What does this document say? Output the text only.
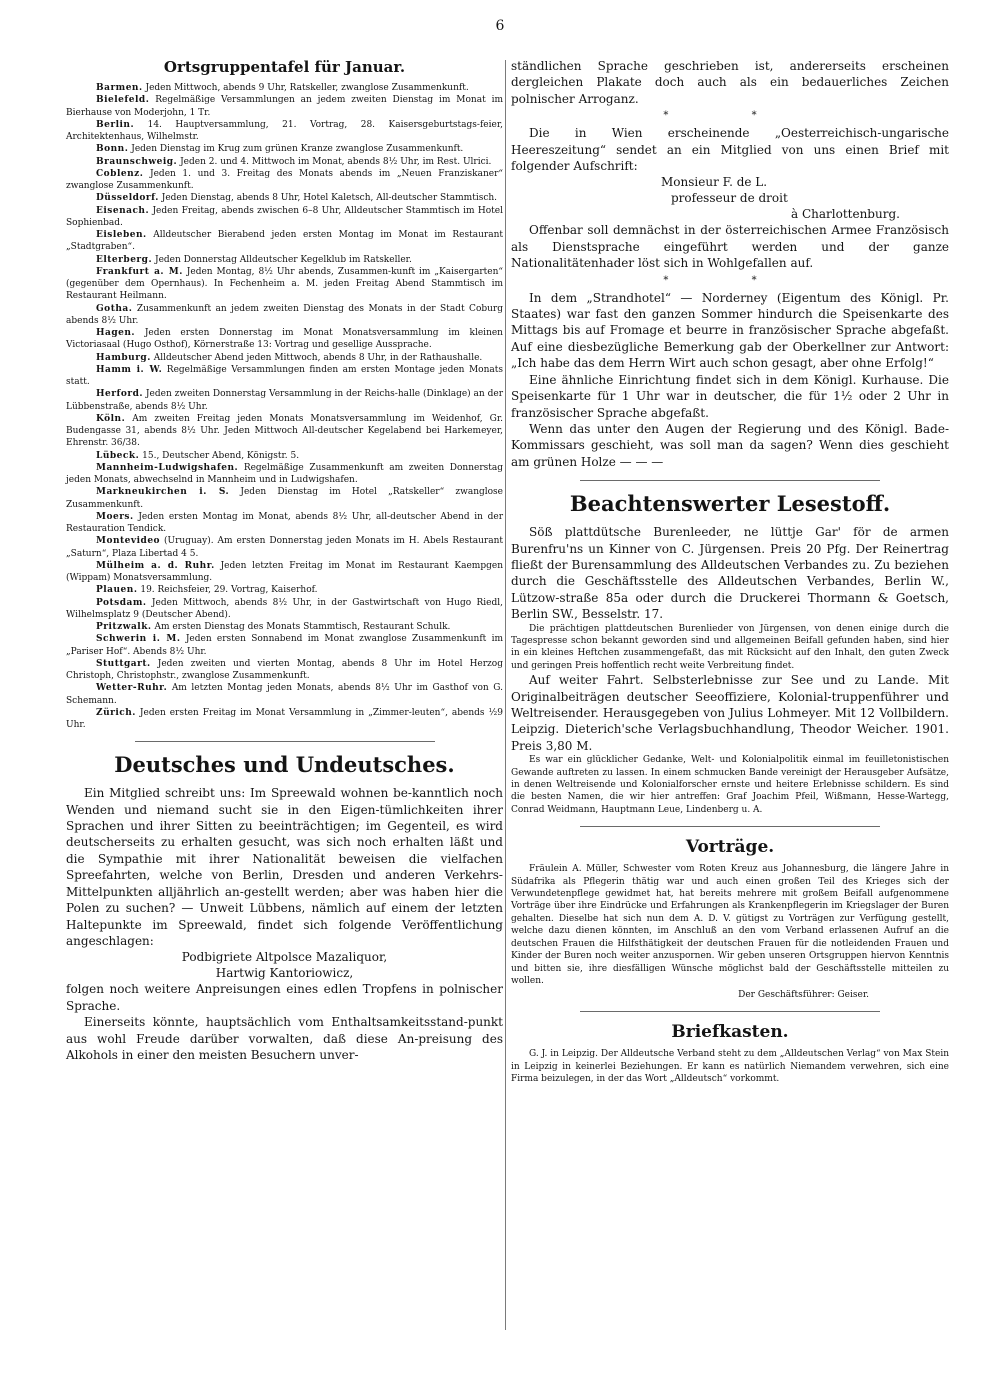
6
Ortsgruppentafel für Januar.

Barmen. Jeden Mittwoch, abends 9 Uhr, Ratskeller, zwanglose Zusammenkunft.

Bielefeld. Regelmäßige Versammlungen an jedem zweiten Dienstag im Monat im Bierhause von Moderjohn, 1 Tr.

Berlin. 14. Hauptversammlung, 21. Vortrag, 28. Kaisersgeburtstags-feier, Architektenhaus, Wilhelmstr.

Bonn. Jeden Dienstag im Krug zum grünen Kranze zwanglose Zusammenkunft.

Braunschweig. Jeden 2. und 4. Mittwoch im Monat, abends 8½ Uhr, im Rest. Ulrici.

Coblenz. Jeden 1. und 3. Freitag des Monats abends im „Neuen Franziskaner“ zwanglose Zusammenkunft.

Düsseldorf. Jeden Dienstag, abends 8 Uhr, Hotel Kaletsch, All-deutscher Stammtisch.

Eisenach. Jeden Freitag, abends zwischen 6–8 Uhr, Alldeutscher Stammtisch im Hotel Sophienbad.

Eisleben. Alldeutscher Bierabend jeden ersten Montag im Monat im Restaurant „Stadtgraben“.

Elterberg. Jeden Donnerstag Alldeutscher Kegelklub im Ratskeller.

Frankfurt a. M. Jeden Montag, 8½ Uhr abends, Zusammen-kunft im „Kaisergarten“ (gegenüber dem Opernhaus). In Fechenheim a. M. jeden Freitag Abend Stammtisch im Restaurant Heilmann.

Gotha. Zusammenkunft an jedem zweiten Dienstag des Monats in der Stadt Coburg abends 8½ Uhr.

Hagen. Jeden ersten Donnerstag im Monat Monatsversammlung im kleinen Victoriasaal (Hugo Osthof), Körnerstraße 13: Vortrag und gesellige Aussprache.

Hamburg. Alldeutscher Abend jeden Mittwoch, abends 8 Uhr, in der Rathaushalle.

Hamm i. W. Regelmäßige Versammlungen finden am ersten Montage jeden Monats statt.

Herford. Jeden zweiten Donnerstag Versammlung in der Reichs-halle (Dinklage) an der Lübbenstraße, abends 8½ Uhr.

Köln. Am zweiten Freitag jeden Monats Monatsversammlung im Weidenhof, Gr. Budengasse 31, abends 8½ Uhr. Jeden Mittwoch All-deutscher Kegelabend bei Harkemeyer, Ehrenstr. 36/38.

Lübeck. 15., Deutscher Abend, Königstr. 5.

Mannheim-Ludwigshafen. Regelmäßige Zusammenkunft am zweiten Donnerstag jeden Monats, abwechselnd in Mannheim und in Ludwigshafen.

Markneukirchen i. S. Jeden Dienstag im Hotel „Ratskeller“ zwanglose Zusammenkunft.

Moers. Jeden ersten Montag im Monat, abends 8½ Uhr, all-deutscher Abend in der Restauration Tendick.

Montevideo (Uruguay). Am ersten Donnerstag jeden Monats im H. Abels Restaurant „Saturn“, Plaza Libertad 4 5.

Mülheim a. d. Ruhr. Jeden letzten Freitag im Monat im Restaurant Kaempgen (Wippam) Monatsversammlung.

Plauen. 19. Reichsfeier, 29. Vortrag, Kaiserhof.

Potsdam. Jeden Mittwoch, abends 8½ Uhr, in der Gastwirtschaft von Hugo Riedl, Wilhelmsplatz 9 (Deutscher Abend).

Pritzwalk. Am ersten Dienstag des Monats Stammtisch, Restaurant Schulk.

Schwerin i. M. Jeden ersten Sonnabend im Monat zwanglose Zusammenkunft im „Pariser Hof“. Abends 8½ Uhr.

Stuttgart. Jeden zweiten und vierten Montag, abends 8 Uhr im Hotel Herzog Christoph, Christophstr., zwanglose Zusammenkunft.

Wetter-Ruhr. Am letzten Montag jeden Monats, abends 8½ Uhr im Gasthof von G. Schemann.

Zürich. Jeden ersten Freitag im Monat Versammlung in „Zimmer-leuten“, abends ½9 Uhr.

Deutsches und Undeutsches.

Ein Mitglied schreibt uns: Im Spreewald wohnen be-kanntlich noch Wenden und niemand sucht sie in den Eigen-tümlichkeiten ihrer Sprachen und ihrer Sitten zu beeinträchtigen; im Gegenteil, es wird deutscherseits zu erhalten gesucht, was sich noch erhalten läßt und die Sympathie mit ihrer Nationalität beweisen die vielfachen Spreefahrten, welche von Berlin, Dresden und anderen Verkehrs-Mittelpunkten alljährlich an-gestellt werden; aber was haben hier die Polen zu suchen? — Unweit Lübbens, nämlich auf einem der letzten Haltepunkte im Spreewald, findet sich folgende Veröffentlichung angeschlagen:

Podbigriete Altpolsce Mazaliquor,

Hartwig Kantoriowicz,

folgen noch weitere Anpreisungen eines edlen Tropfens in polnischer Sprache.

Einerseits könnte, hauptsächlich vom Enthaltsamkeitsstand-punkt aus wohl Freude darüber vorwalten, daß diese An-preisung des Alkohols in einer den meisten Besuchern unver-

ständlichen Sprache geschrieben ist, andererseits erscheinen dergleichen Plakate doch auch als ein bedauerliches Zeichen polnischer Arroganz.

* *

Die in Wien erscheinende „Oesterreichisch-ungarische Heereszeitung“ sendet an ein Mitglied von uns einen Brief mit folgender Aufschrift:

Monsieur F. de L.

professeur de droit

à Charlottenburg.

Offenbar soll demnächst in der österreichischen Armee Französisch als Dienstsprache eingeführt werden und der ganze Nationalitätenhader löst sich in Wohlgefallen auf.

* *

In dem „Strandhotel“ — Norderney (Eigentum des Königl. Pr. Staates) war fast den ganzen Sommer hindurch die Speisenkarte des Mittags bis auf Fromage et beurre in französischer Sprache abgefaßt. Auf eine diesbezügliche Bemerkung gab der Oberkellner zur Antwort: „Ich habe das dem Herrn Wirt auch schon gesagt, aber ohne Erfolg!“

Eine ähnliche Einrichtung findet sich in dem Königl. Kurhause. Die Speisenkarte für 1 Uhr war in deutscher, die für 1½ oder 2 Uhr in französischer Sprache abgefaßt.

Wenn das unter den Augen der Regierung und des Königl. Bade-Kommissars geschieht, was soll man da sagen? Wenn dies geschieht am grünen Holze — — —

Beachtenswerter Lesestoff.

Söß plattdütsche Burenleeder, ne lüttje Gar' för de armen Burenfru'ns un Kinner von C. Jürgensen. Preis 20 Pfg. Der Reinertrag fließt der Burensammlung des Alldeutschen Verbandes zu. Zu beziehen durch die Geschäftsstelle des Alldeutschen Verbandes, Berlin W., Lützow-straße 85a oder durch die Druckerei Thormann & Goetsch, Berlin SW., Besselstr. 17.

Die prächtigen plattdeutschen Burenlieder von Jürgensen, von denen einige durch die Tagespresse schon bekannt geworden sind und allgemeinen Beifall gefunden haben, sind hier in ein kleines Heftchen zusammengefaßt, das mit Rücksicht auf den Inhalt, den guten Zweck und geringen Preis hoffentlich recht weite Verbreitung findet.

Auf weiter Fahrt. Selbsterlebnisse zur See und zu Lande. Mit Originalbeiträgen deutscher Seeoffiziere, Kolonial-truppenführer und Weltreisender. Herausgegeben von Julius Lohmeyer. Mit 12 Vollbildern. Leipzig. Dieterich'sche Verlagsbuchhandlung, Theodor Weicher. 1901. Preis 3,80 M.

Es war ein glücklicher Gedanke, Welt- und Kolonialpolitik einmal im feuilletonistischen Gewande auftreten zu lassen. In einem schmucken Bande vereinigt der Herausgeber Aufsätze, in denen Weltreisende und Kolonialforscher ernste und heitere Erlebnisse schildern. Es sind die besten Namen, die wir hier antreffen: Graf Joachim Pfeil, Wißmann, Hesse-Wartegg, Conrad Weidmann, Hauptmann Leue, Lindenberg u. A.

Vorträge.

Fräulein A. Müller, Schwester vom Roten Kreuz aus Johannesburg, die längere Jahre in Südafrika als Pflegerin thätig war und auch einen großen Teil des Krieges sich der Verwundetenpflege gewidmet hat, hat bereits mehrere mit großem Beifall aufgenommene Vorträge über ihre Eindrücke und Erfahrungen als Krankenpflegerin im Kriegslager der Buren gehalten. Dieselbe hat sich nun dem A. D. V. gütigst zu Vorträgen zur Verfügung gestellt, welche dazu dienen könnten, im Anschluß an den vom Verband erlassenen Aufruf an die deutschen Frauen die Hilfsthätigkeit der deutschen Frauen für die notleidenden Frauen und Kinder der Buren noch weiter anzuspornen. Wir geben unseren Ortsgruppen hiervon Kenntnis und bitten sie, ihre diesfälligen Wünsche möglichst bald der Geschäftsstelle mitteilen zu wollen.

Der Geschäftsführer: Geiser.

Briefkasten.

G. J. in Leipzig. Der Alldeutsche Verband steht zu dem „Alldeutschen Verlag“ von Max Stein in Leipzig in keinerlei Beziehungen. Er kann es natürlich Niemandem verwehren, sich eine Firma beizulegen, in der das Wort „Alldeutsch“ vorkommt.
